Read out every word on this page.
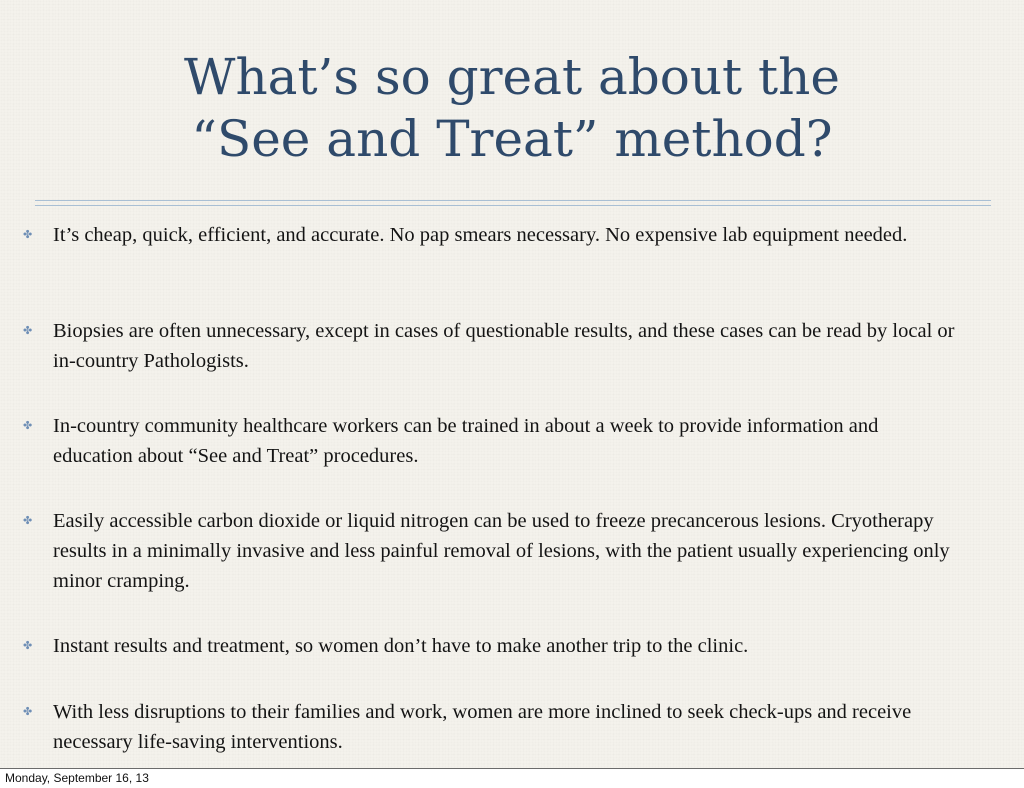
What’s so great about the
“See and Treat” method?
✤ It’s cheap, quick, efficient, and accurate. No pap smears necessary. No expensive lab equipment needed.
✤ Biopsies are often unnecessary, except in cases of questionable results, and these cases can be read by local or in-country Pathologists.
✤ In-country community healthcare workers can be trained in about a week to provide information and education about “See and Treat” procedures.
✤ Easily accessible carbon dioxide or liquid nitrogen can be used to freeze precancerous lesions. Cryotherapy results in a minimally invasive and less painful removal of lesions, with the patient usually experiencing only minor cramping.
✤ Instant results and treatment, so women don’t have to make another trip to the clinic.
✤ With less disruptions to their families and work, women are more inclined to seek check-ups and receive necessary life-saving interventions.
Monday, September 16, 13
